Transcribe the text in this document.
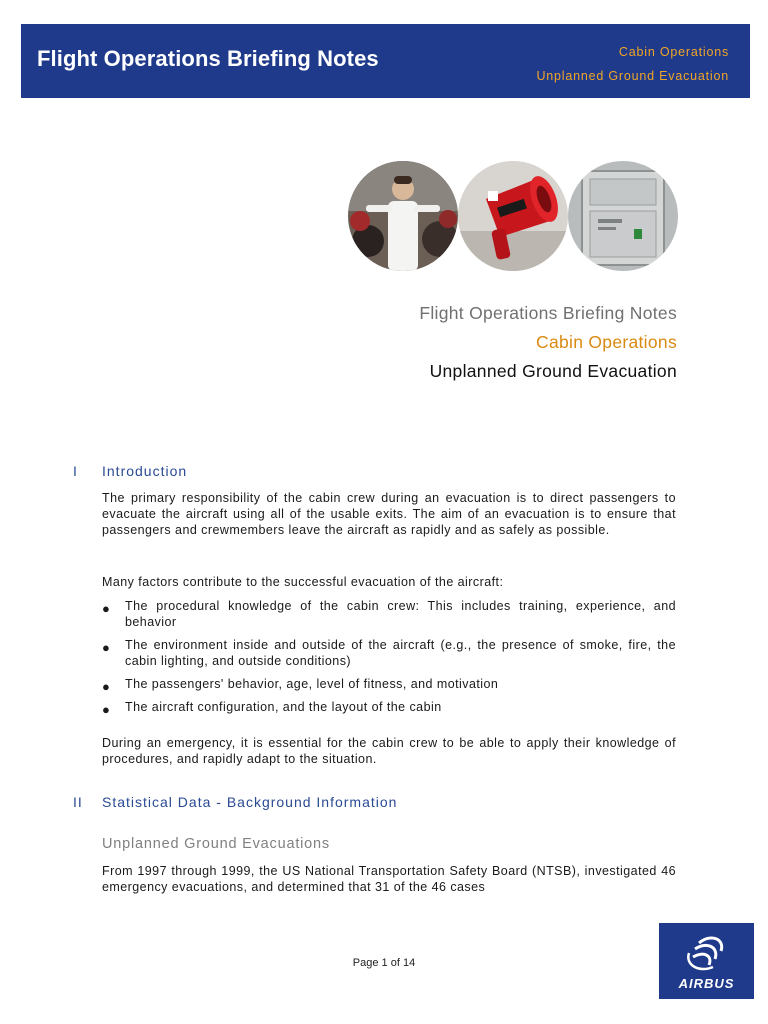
Flight Operations Briefing Notes	Cabin Operations
Unplanned Ground Evacuation
Flight Operations Briefing Notes
Cabin Operations
Unplanned Ground Evacuation
I	Introduction
The primary responsibility of the cabin crew during an evacuation is to direct passengers to evacuate the aircraft using all of the usable exits. The aim of an evacuation is to ensure that passengers and crewmembers leave the aircraft as rapidly and as safely as possible.
Many factors contribute to the successful evacuation of the aircraft:
● The procedural knowledge of the cabin crew: This includes training, experience, and behavior
● The environment inside and outside of the aircraft (e.g., the presence of smoke, fire, the cabin lighting, and outside conditions)
● The passengers' behavior, age, level of fitness, and motivation
● The aircraft configuration, and the layout of the cabin
During an emergency, it is essential for the cabin crew to be able to apply their knowledge of procedures, and rapidly adapt to the situation.
II	Statistical Data - Background Information
Unplanned Ground Evacuations
From 1997 through 1999, the US National Transportation Safety Board (NTSB), investigated 46 emergency evacuations, and determined that 31 of the 46 cases
Page 1 of 14
AIRBUS
